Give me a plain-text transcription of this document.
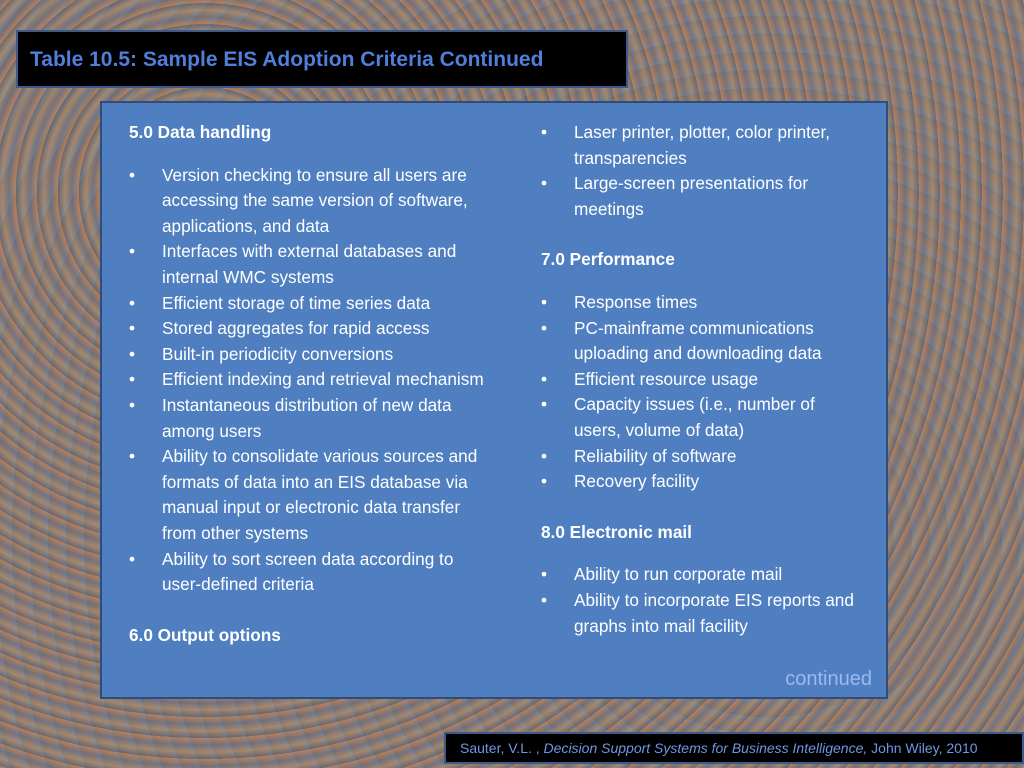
Table 10.5: Sample EIS Adoption Criteria Continued
5.0 Data handling
• Version checking to ensure all users are accessing the same version of software, applications, and data
• Interfaces with external databases and internal WMC systems
• Efficient storage of time series data
• Stored aggregates for rapid access
• Built-in periodicity conversions
• Efficient indexing and retrieval mechanism
• Instantaneous distribution of new data among users
• Ability to consolidate various sources and formats of data into an EIS database via manual input or electronic data transfer from other systems
• Ability to sort screen data according to user-defined criteria
6.0 Output options
• Laser printer, plotter, color printer, transparencies
• Large-screen presentations for meetings
7.0 Performance
• Response times
• PC-mainframe communications uploading and downloading data
• Efficient resource usage
• Capacity issues (i.e., number of users, volume of data)
• Reliability of software
• Recovery facility
8.0 Electronic mail
• Ability to run corporate mail
• Ability to incorporate EIS reports and graphs into mail facility
continued
Sauter, V.L. , Decision Support Systems for Business Intelligence, John Wiley, 2010
